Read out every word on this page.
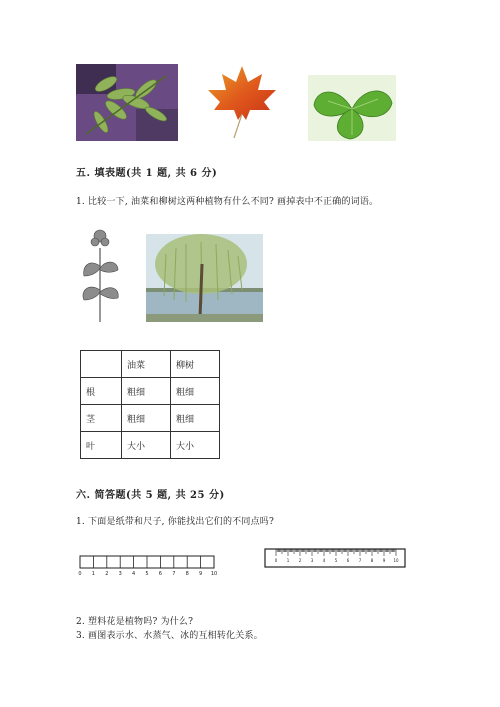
五. 填表题(共 1 题, 共 6 分)
1. 比较一下, 油菜和柳树这两种植物有什么不同? 画掉表中不正确的词语。
	油菜	柳树
根	粗细	粗细
茎	粗细	粗细
叶	大小	大小
六. 简答题(共 5 题, 共 25 分)
1. 下面是纸带和尺子, 你能找出它们的不同点吗?
0 1 2 3 4 5 6 7 8 9 10
0 1 2 3 4 5 6 7 8 9 10
2. 塑料花是植物吗? 为什么?
3. 画图表示水、水蒸气、冰的互相转化关系。
